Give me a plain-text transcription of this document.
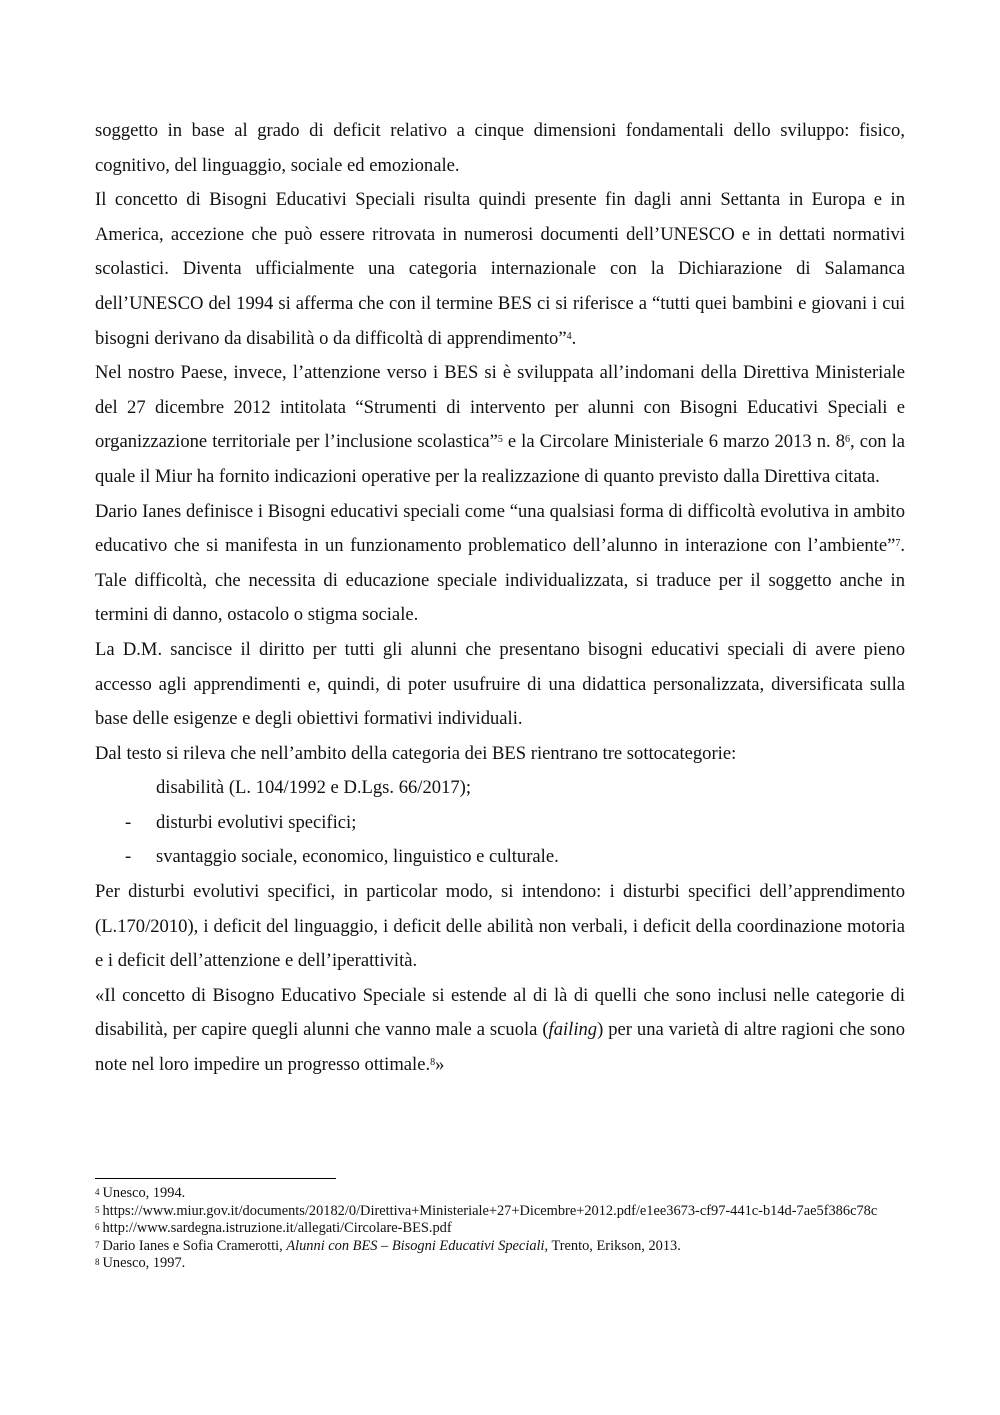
soggetto in base al grado di deficit relativo a cinque dimensioni fondamentali dello sviluppo: fisico, cognitivo, del linguaggio, sociale ed emozionale.

Il concetto di Bisogni Educativi Speciali risulta quindi presente fin dagli anni Settanta in Europa e in America, accezione che può essere ritrovata in numerosi documenti dell’UNESCO e in dettati normativi scolastici. Diventa ufficialmente una categoria internazionale con la Dichiarazione di Salamanca dell’UNESCO del 1994 si afferma che con il termine BES ci si riferisce a “tutti quei bambini e giovani i cui bisogni derivano da disabilità o da difficoltà di apprendimento”$^4$.

Nel nostro Paese, invece, l’attenzione verso i BES si è sviluppata all’indomani della Direttiva Ministeriale del 27 dicembre 2012 intitolata “Strumenti di intervento per alunni con Bisogni Educativi Speciali e organizzazione territoriale per l’inclusione scolastica”$^5$ e la Circolare Ministeriale 6 marzo 2013 n. $8^6$, con la quale il Miur ha fornito indicazioni operative per la realizzazione di quanto previsto dalla Direttiva citata.

Dario Ianes definisce i Bisogni educativi speciali come “una qualsiasi forma di difficoltà evolutiva in ambito educativo che si manifesta in un funzionamento problematico dell’alunno in interazione con l’ambiente”$^7$. Tale difficoltà, che necessita di educazione speciale individualizzata, si traduce per il soggetto anche in termini di danno, ostacolo o stigma sociale.

La D.M. sancisce il diritto per tutti gli alunni che presentano bisogni educativi speciali di avere pieno accesso agli apprendimenti e, quindi, di poter usufruire di una didattica personalizzata, diversificata sulla base delle esigenze e degli obiettivi formativi individuali.

Dal testo si rileva che nell’ambito della categoria dei BES rientrano tre sottocategorie:

disabilità (L. 104/1992 e D.Lgs. 66/2017);
- disturbi evolutivi specifici;
- svantaggio sociale, economico, linguistico e culturale.

Per disturbi evolutivi specifici, in particolar modo, si intendono: i disturbi specifici dell’apprendimento (L.170/2010), i deficit del linguaggio, i deficit delle abilità non verbali, i deficit della coordinazione motoria e i deficit dell’attenzione e dell’iperattività.

«Il concetto di Bisogno Educativo Speciale si estende al di là di quelli che sono inclusi nelle categorie di disabilità, per capire quegli alunni che vanno male a scuola (failing) per una varietà di altre ragioni che sono note nel loro impedire un progresso ottimale.$^8$»

$^4$ Unesco, 1994.

$^5$ https://www.miur.gov.it/documents/20182/0/Direttiva+Ministeriale+27+Dicembre+2012.pdf/e1ee3673-cf97-441c-b14d-7ae5f386c78c

$^6$ http://www.sardegna.istruzione.it/allegati/Circolare-BES.pdf

$^7$ Dario Ianes e Sofia Cramerotti, Alunni con BES – Bisogni Educativi Speciali, Trento, Erikson, 2013.

$^8$ Unesco, 1997.
